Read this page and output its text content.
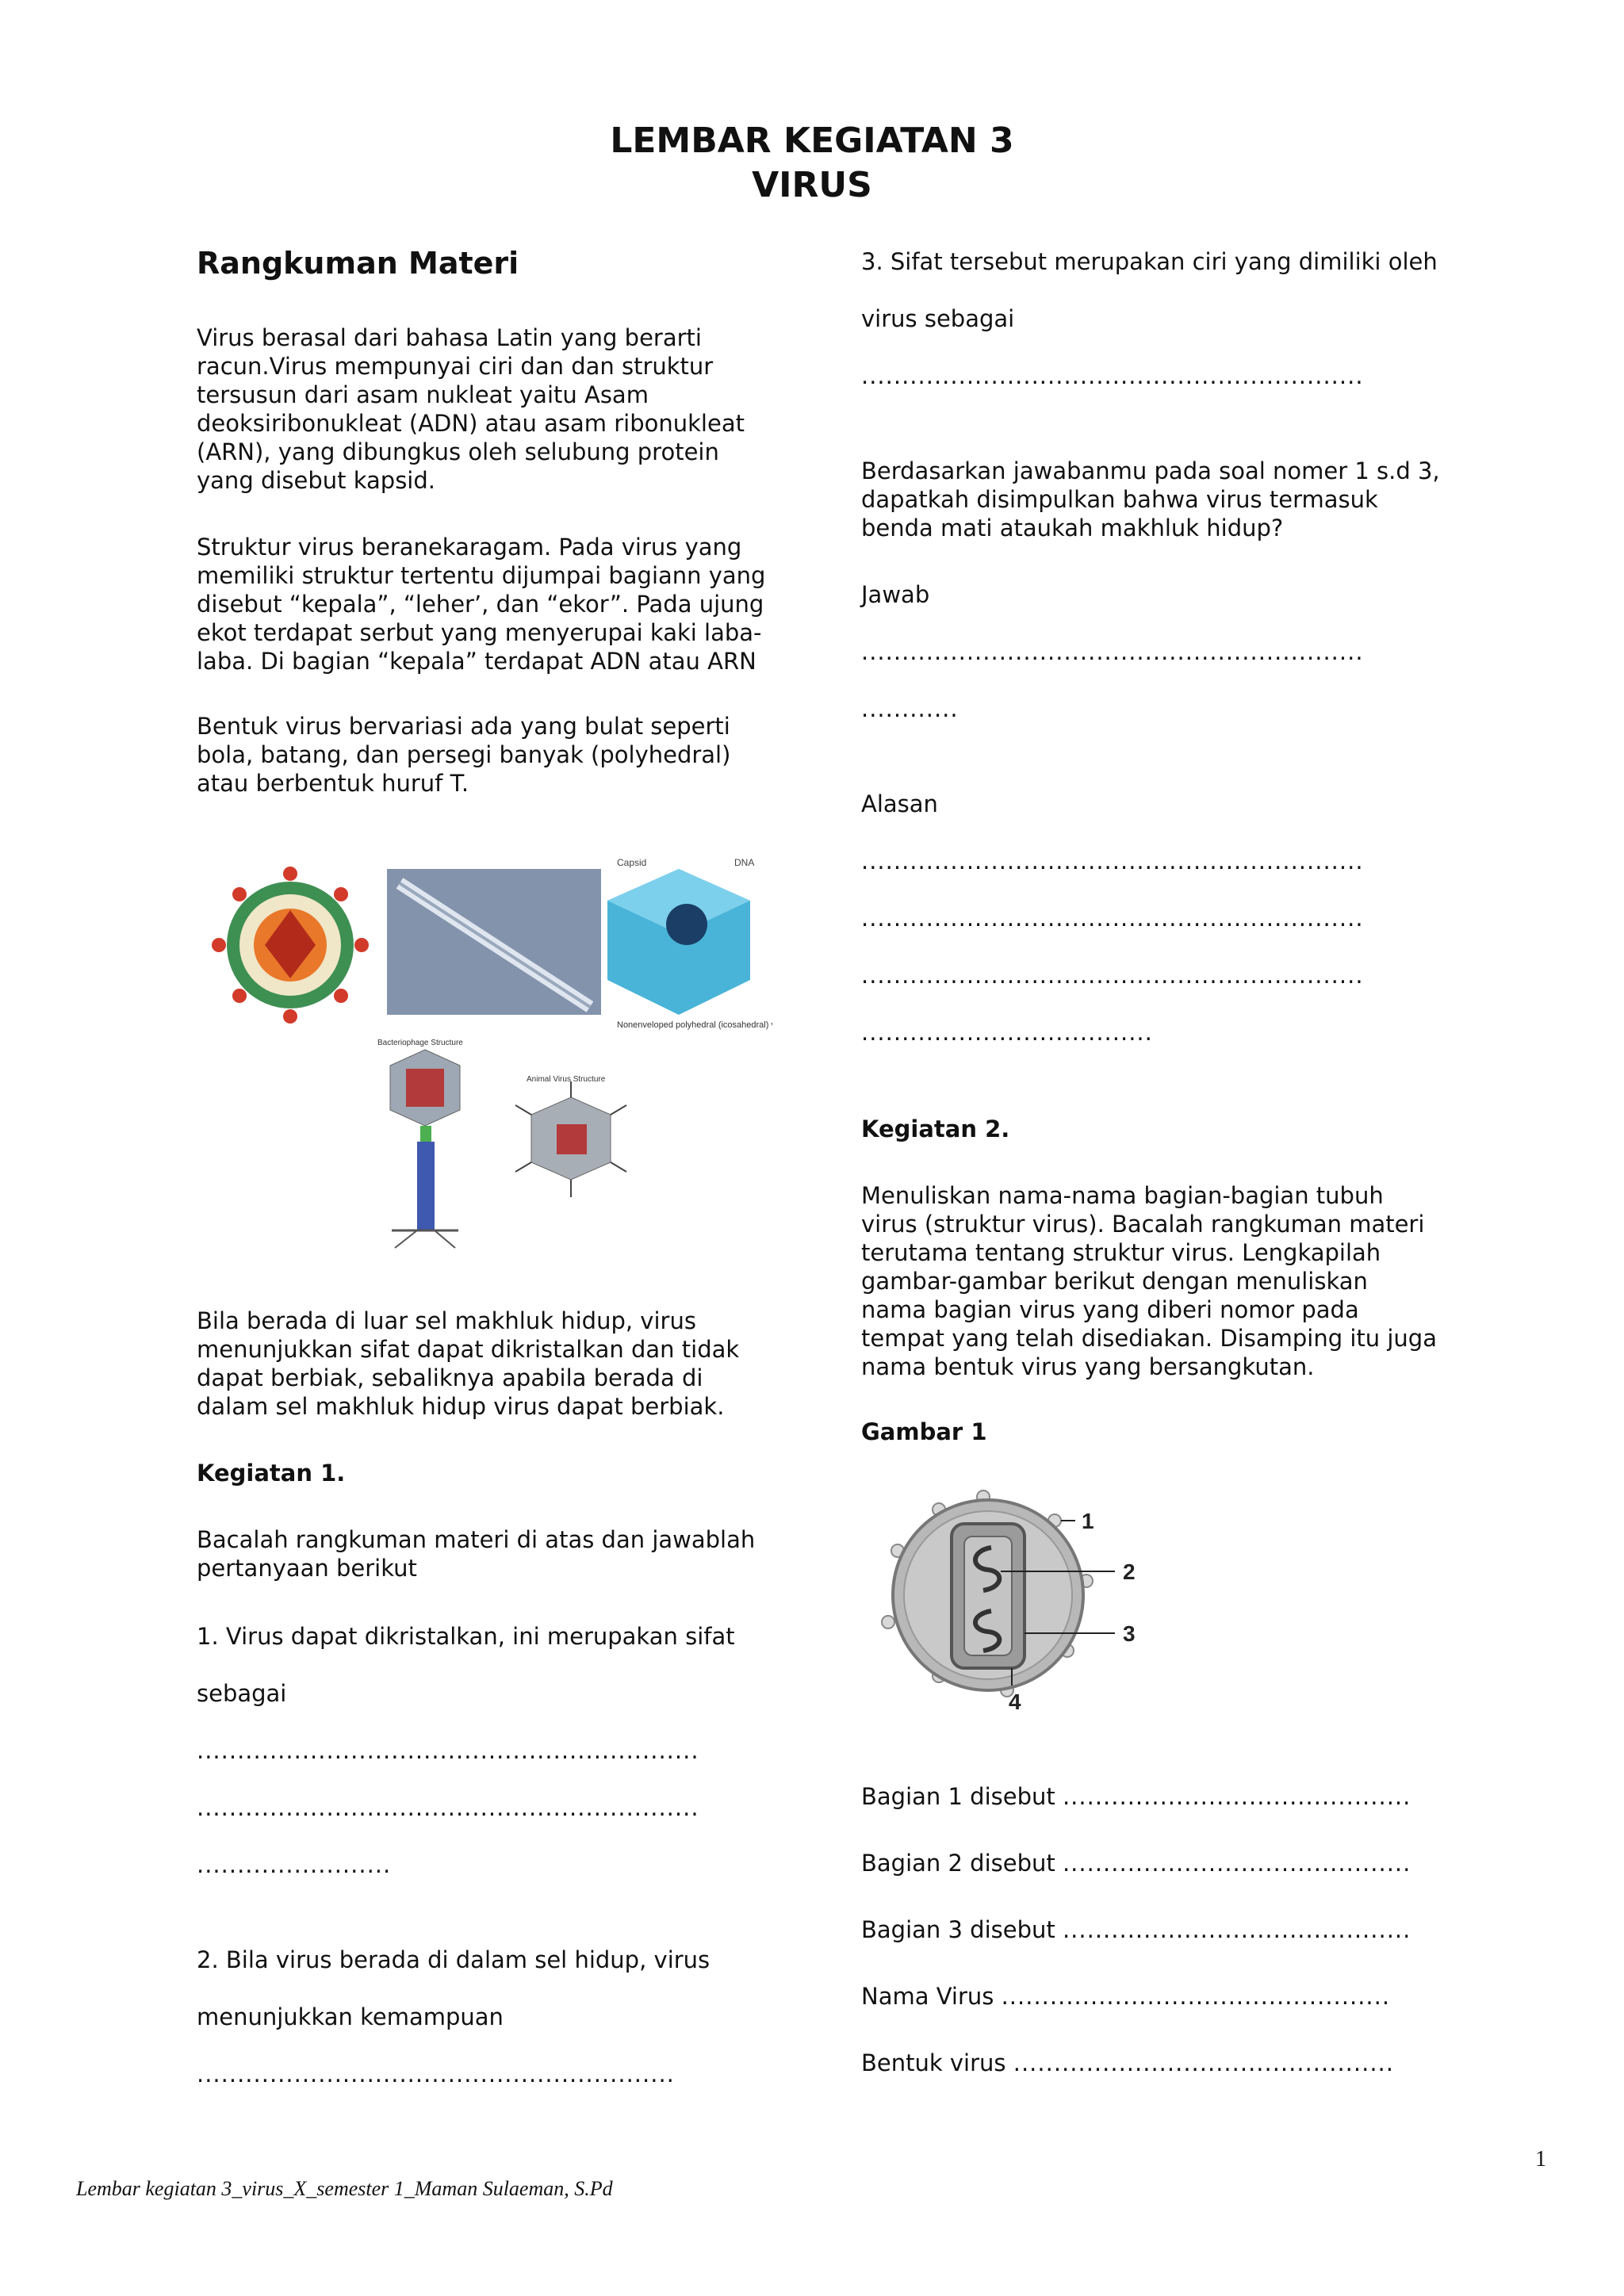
LEMBAR KEGIATAN 3
VIRUS
Rangkuman Materi

Virus berasal dari bahasa Latin yang berarti racun.Virus mempunyai ciri dan dan struktur tersusun dari asam nukleat yaitu Asam deoksiribonukleat (ADN) atau asam ribonukleat (ARN), yang dibungkus oleh selubung protein yang disebut kapsid.

Struktur virus beranekaragam. Pada virus yang memiliki struktur tertentu dijumpai bagiann yang disebut “kepala”, “leher’, dan “ekor”. Pada ujung ekot terdapat serbut yang menyerupai kaki laba-laba. Di bagian “kepala” terdapat ADN atau ARN

Bentuk virus bervariasi ada yang bulat seperti bola, batang, dan persegi banyak (polyhedral) atau berbentuk huruf T.

Capsid	DNA
Nonenveloped polyhedral (icosahedral) virus
Bacteriophage Structure
Animal Virus Structure

Bila berada di luar sel makhluk hidup, virus menunjukkan sifat dapat dikristalkan dan tidak dapat berbiak, sebaliknya apabila berada di dalam sel makhluk hidup virus dapat berbiak.

Kegiatan 1.

Bacalah rangkuman materi di atas dan jawablah pertanyaan berikut

1. Virus dapat dikristalkan, ini merupakan sifat
sebagai
..............................................................
..............................................................
........................
2. Bila virus berada di dalam sel hidup, virus
menunjukkan kemampuan
...........................................................
3. Sifat tersebut merupakan ciri yang dimiliki oleh
virus sebagai
..............................................................

Berdasarkan jawabanmu pada soal nomer 1 s.d 3, dapatkah disimpulkan bahwa virus termasuk benda mati ataukah makhluk hidup?

Jawab
..............................................................
............
Alasan
..............................................................
..............................................................
..............................................................
....................................
Kegiatan 2.

Menuliskan nama-nama bagian-bagian tubuh virus (struktur virus). Bacalah rangkuman materi terutama tentang struktur virus. Lengkapilah gambar-gambar berikut dengan menuliskan nama bagian virus yang diberi nomor pada tempat yang telah disediakan. Disamping itu juga nama bentuk virus yang bersangkutan.

Gambar 1
1
2
3
4
Bagian 1 disebut ...........................................
Bagian 2 disebut ...........................................
Bagian 3 disebut ...........................................
Nama Virus ................................................
Bentuk virus ...............................................
1
Lembar kegiatan 3_virus_X_semester 1_Maman Sulaeman, S.Pd
